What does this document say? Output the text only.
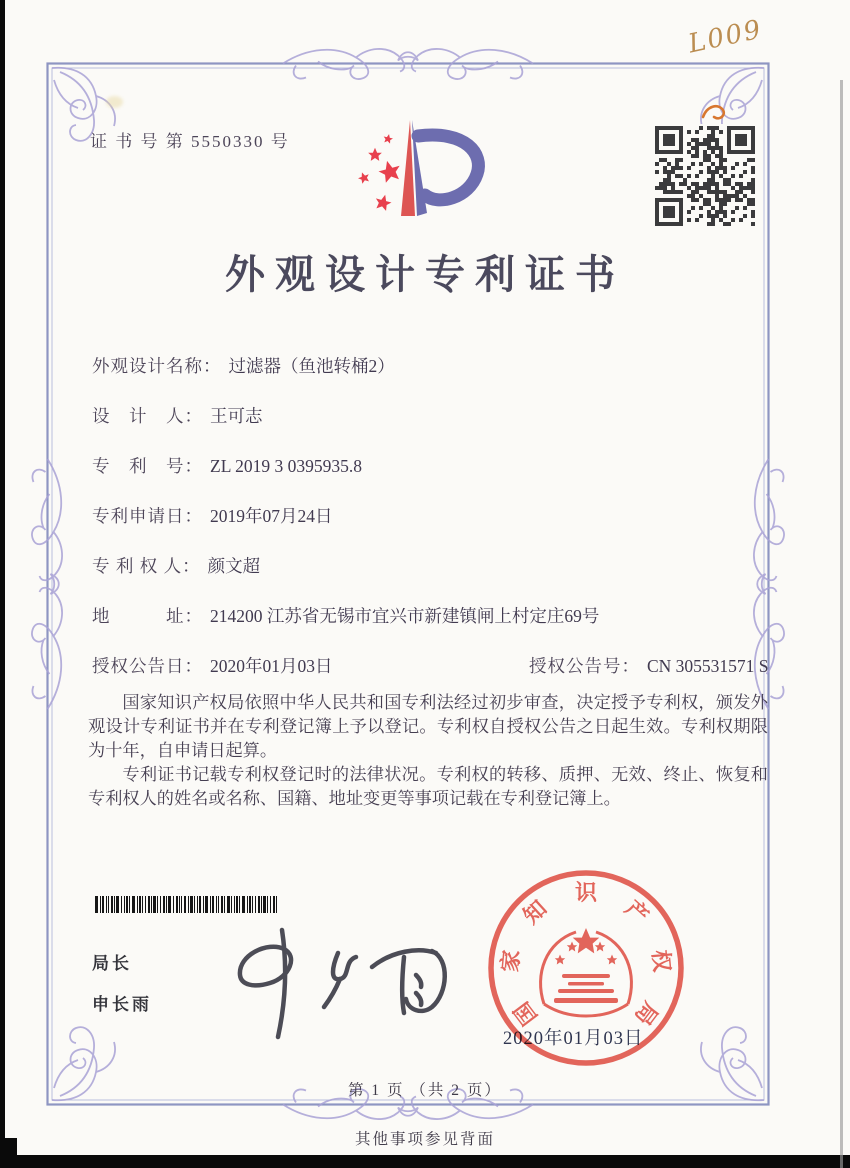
L009
证 书 号 第 5550330 号
外观设计专利证书
外观设计名称： 过滤器（鱼池转桶2）
设　计　人： 王可志
专　利　号： ZL 2019 3 0395935.8
专利申请日： 2019年07月24日
专 利 权 人： 颜文超
地　　　址： 214200 江苏省无锡市宜兴市新建镇闸上村定庄69号
授权公告日： 2020年01月03日	授权公告号： CN 305531571 S

国家知识产权局依照中华人民共和国专利法经过初步审查，决定授予专利权，颁发外观设计专利证书并在专利登记簿上予以登记。专利权自授权公告之日起生效。专利权期限为十年，自申请日起算。

专利证书记载专利权登记时的法律状况。专利权的转移、质押、无效、终止、恢复和专利权人的姓名或名称、国籍、地址变更等事项记载在专利登记簿上。

局长
申长雨
2020年01月03日
国
家
知
识
产
权
局
第 1 页 （共 2 页）
其他事项参见背面
